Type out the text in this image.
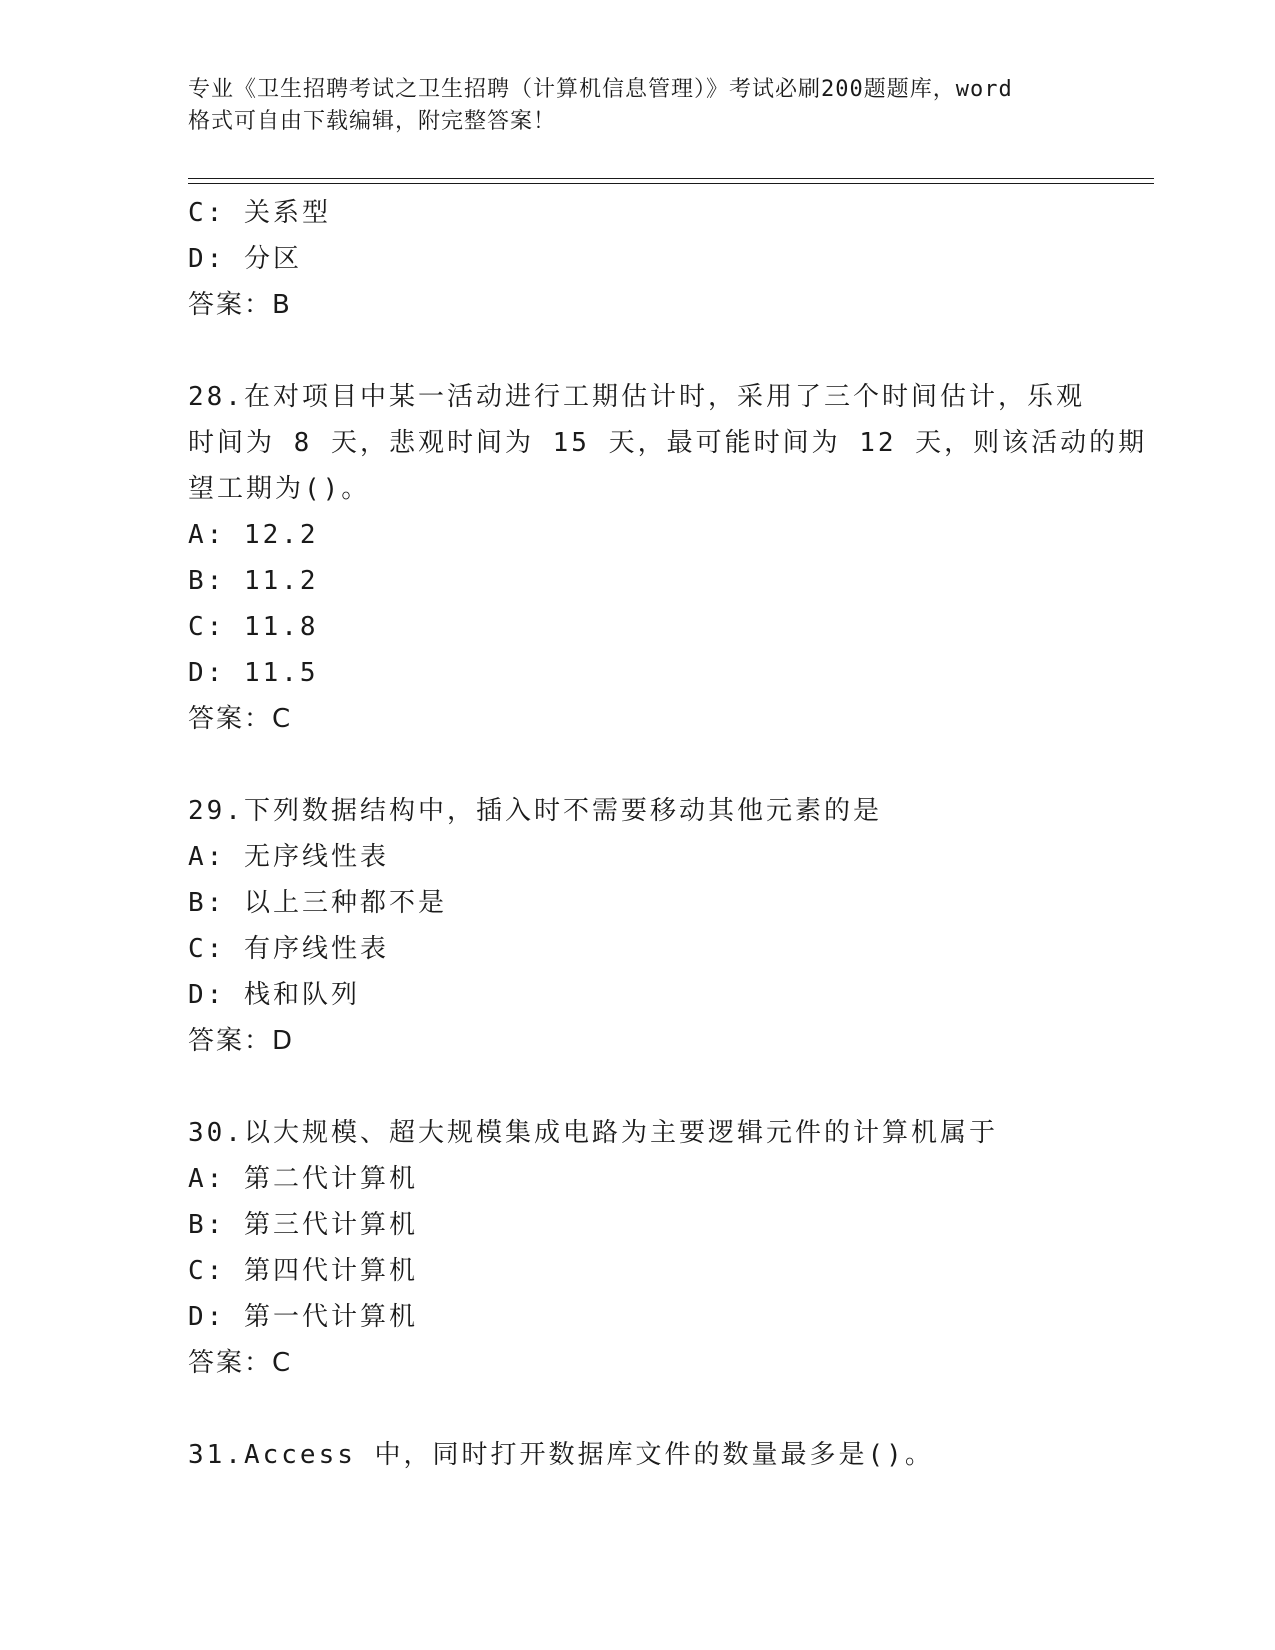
专业《卫生招聘考试之卫生招聘（计算机信息管理）》考试必刷200题题库，word
格式可自由下载编辑，附完整答案！
C: 关系型
D: 分区
答案：B
28.在对项目中某一活动进行工期估计时，采用了三个时间估计，乐观
时间为 8 天，悲观时间为 15 天，最可能时间为 12 天，则该活动的期
望工期为()。
A: 12.2
B: 11.2
C: 11.8
D: 11.5
答案：C
29.下列数据结构中，插入时不需要移动其他元素的是
A: 无序线性表
B: 以上三种都不是
C: 有序线性表
D: 栈和队列
答案：D
30.以大规模、超大规模集成电路为主要逻辑元件的计算机属于
A: 第二代计算机
B: 第三代计算机
C: 第四代计算机
D: 第一代计算机
答案：C
31.Access 中，同时打开数据库文件的数量最多是()。
